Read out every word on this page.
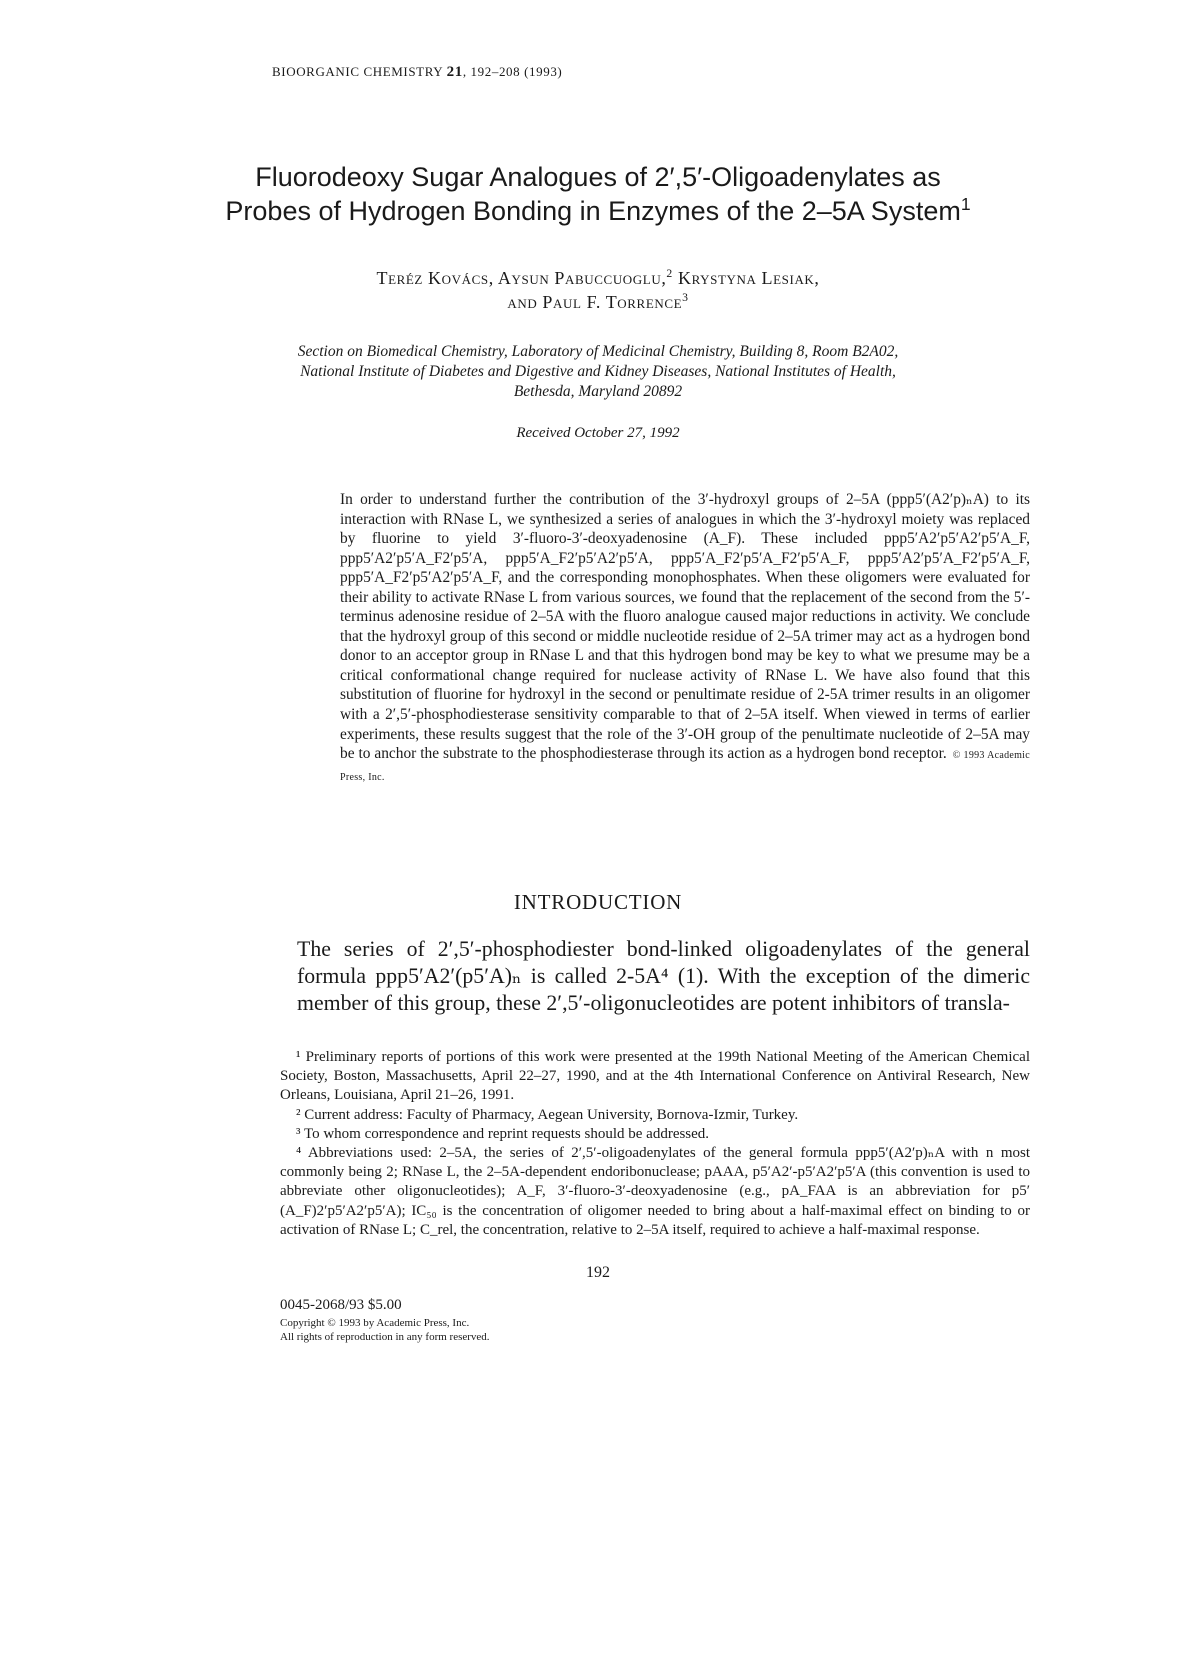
BIOORGANIC CHEMISTRY 21, 192–208 (1993)
Fluorodeoxy Sugar Analogues of 2′,5′-Oligoadenylates as
Probes of Hydrogen Bonding in Enzymes of the 2–5A System$^1$
Teréz Kovács, Aysun Pabuccuoglu,$^2$ Krystyna Lesiak,
and Paul F. Torrence$^3$
Section on Biomedical Chemistry, Laboratory of Medicinal Chemistry, Building 8, Room B2A02,
National Institute of Diabetes and Digestive and Kidney Diseases, National Institutes of Health,
Bethesda, Maryland 20892
Received October 27, 1992
In order to understand further the contribution of the 3′-hydroxyl groups of 2–5A (ppp5′(A2′p)ₙA) to its interaction with RNase L, we synthesized a series of analogues in which the 3′-hydroxyl moiety was replaced by fluorine to yield 3′-fluoro-3′-deoxyadenosine (A_F). These included ppp5′A2′p5′A2′p5′A_F, ppp5′A2′p5′A_F2′p5′A, ppp5′A_F2′p5′A2′p5′A, ppp5′A_F2′p5′A_F2′p5′A_F, ppp5′A2′p5′A_F2′p5′A_F, ppp5′A_F2′p5′A2′p5′A_F, and the corresponding monophosphates. When these oligomers were evaluated for their ability to activate RNase L from various sources, we found that the replacement of the second from the 5′-terminus adenosine residue of 2–5A with the fluoro analogue caused major reductions in activity. We conclude that the hydroxyl group of this second or middle nucleotide residue of 2–5A trimer may act as a hydrogen bond donor to an acceptor group in RNase L and that this hydrogen bond may be key to what we presume may be a critical conformational change required for nuclease activity of RNase L. We have also found that this substitution of fluorine for hydroxyl in the second or penultimate residue of 2-5A trimer results in an oligomer with a 2′,5′-phosphodiesterase sensitivity comparable to that of 2–5A itself. When viewed in terms of earlier experiments, these results suggest that the role of the 3′-OH group of the penultimate nucleotide of 2–5A may be to anchor the substrate to the phosphodiesterase through its action as a hydrogen bond receptor. © 1993 Academic Press, Inc.
INTRODUCTION
The series of 2′,5′-phosphodiester bond-linked oligoadenylates of the general formula ppp5′A2′(p5′A)ₙ is called 2-5A⁴ (1). With the exception of the dimeric member of this group, these 2′,5′-oligonucleotides are potent inhibitors of transla-

¹ Preliminary reports of portions of this work were presented at the 199th National Meeting of the American Chemical Society, Boston, Massachusetts, April 22–27, 1990, and at the 4th International Conference on Antiviral Research, New Orleans, Louisiana, April 21–26, 1991.

² Current address: Faculty of Pharmacy, Aegean University, Bornova-Izmir, Turkey.

³ To whom correspondence and reprint requests should be addressed.

⁴ Abbreviations used: 2–5A, the series of 2′,5′-oligoadenylates of the general formula ppp5′(A2′p)ₙA with n most commonly being 2; RNase L, the 2–5A-dependent endoribonuclease; pAAA, p5′A2′-p5′A2′p5′A (this convention is used to abbreviate other oligonucleotides); A_F, 3′-fluoro-3′-deoxyadenosine (e.g., pA_FAA is an abbreviation for p5′(A_F)2′p5′A2′p5′A); IC₅₀ is the concentration of oligomer needed to bring about a half-maximal effect on binding to or activation of RNase L; C_rel, the concentration, relative to 2–5A itself, required to achieve a half-maximal response.

192
0045-2068/93 $5.00
Copyright © 1993 by Academic Press, Inc.
All rights of reproduction in any form reserved.
